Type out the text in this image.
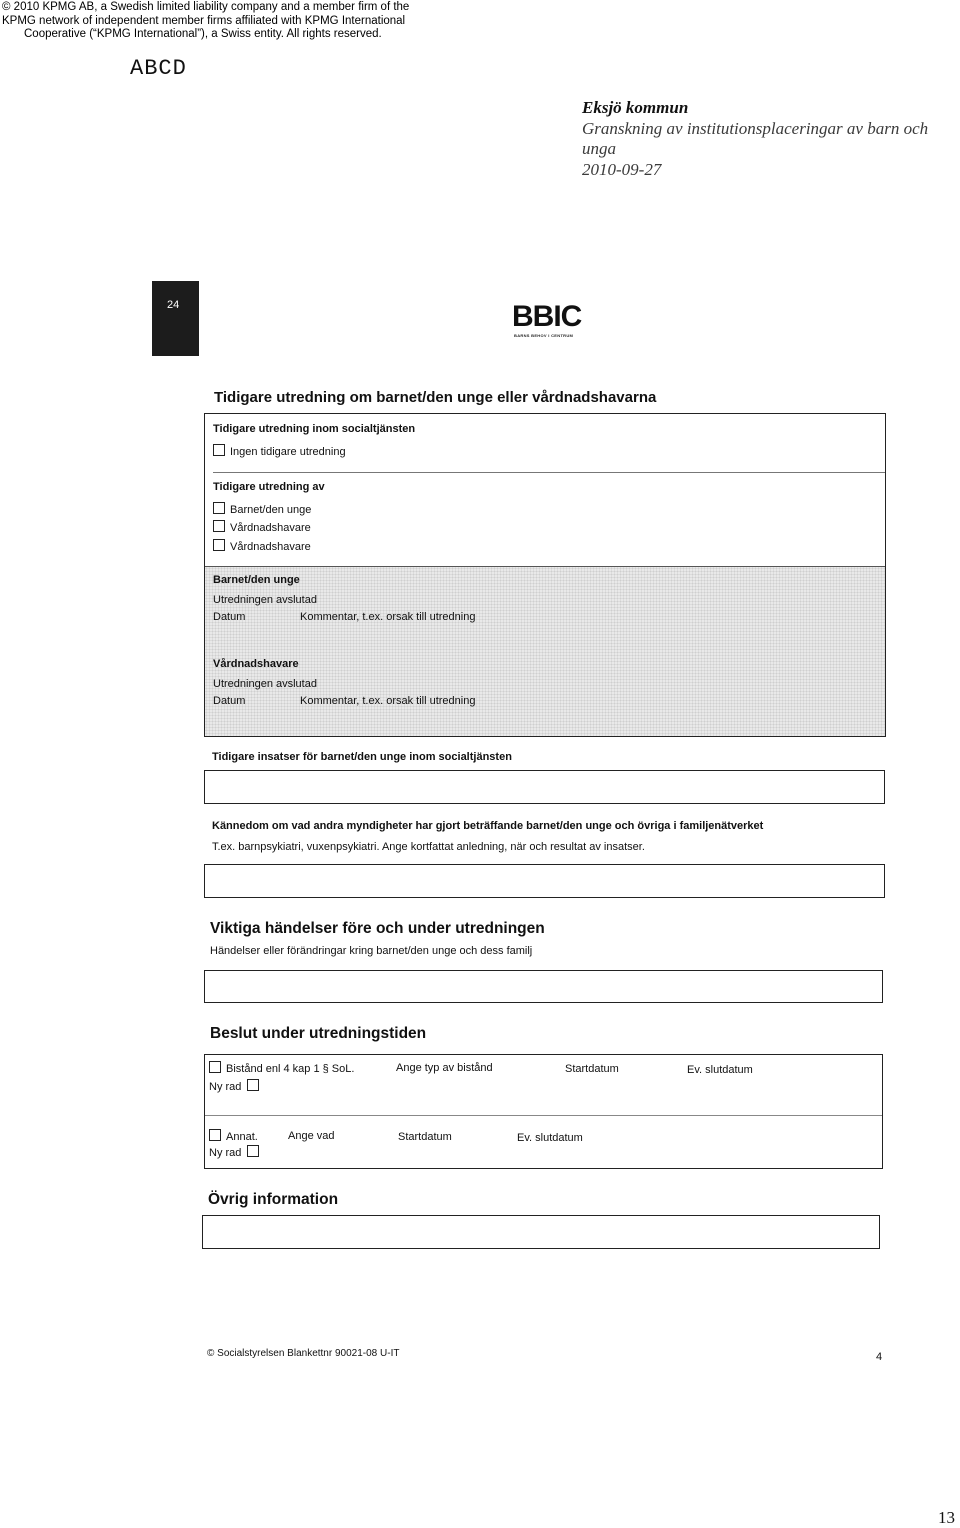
© 2010 KPMG AB, a Swedish limited liability company and a member firm of the
KPMG network of independent member firms affiliated with KPMG International
Cooperative (“KPMG International”), a Swiss entity. All rights reserved.
ABCD
Eksjö kommun
Granskning av institutionsplaceringar av barn och
unga
2010-09-27
24	BBIC
BARNS BEHOV I CENTRUM
Tidigare utredning om barnet/den unge eller vårdnadshavarna
Tidigare utredning inom socialtjänsten
Ingen tidigare utredning
Tidigare utredning av
Barnet/den unge
Vårdnadshavare
Vårdnadshavare
Barnet/den unge
Utredningen avslutad
Datum	Kommentar, t.ex. orsak till utredning
Vårdnadshavare
Utredningen avslutad
Datum	Kommentar, t.ex. orsak till utredning
Tidigare insatser för barnet/den unge inom socialtjänsten
Kännedom om vad andra myndigheter har gjort beträffande barnet/den unge och övriga i familjenätverket
T.ex. barnpsykiatri, vuxenpsykiatri. Ange kortfattat anledning, när och resultat av insatser.
Viktiga händelser före och under utredningen
Händelser eller förändringar kring barnet/den unge och dess familj
Beslut under utredningstiden
Bistånd enl 4 kap 1 § SoL.	Ange typ av bistånd	Startdatum	Ev. slutdatum
Ny rad
Annat.	Ange vad	Startdatum	Ev. slutdatum
Ny rad
Övrig information
© Socialstyrelsen Blankettnr 90021-08 U-IT	4
13
